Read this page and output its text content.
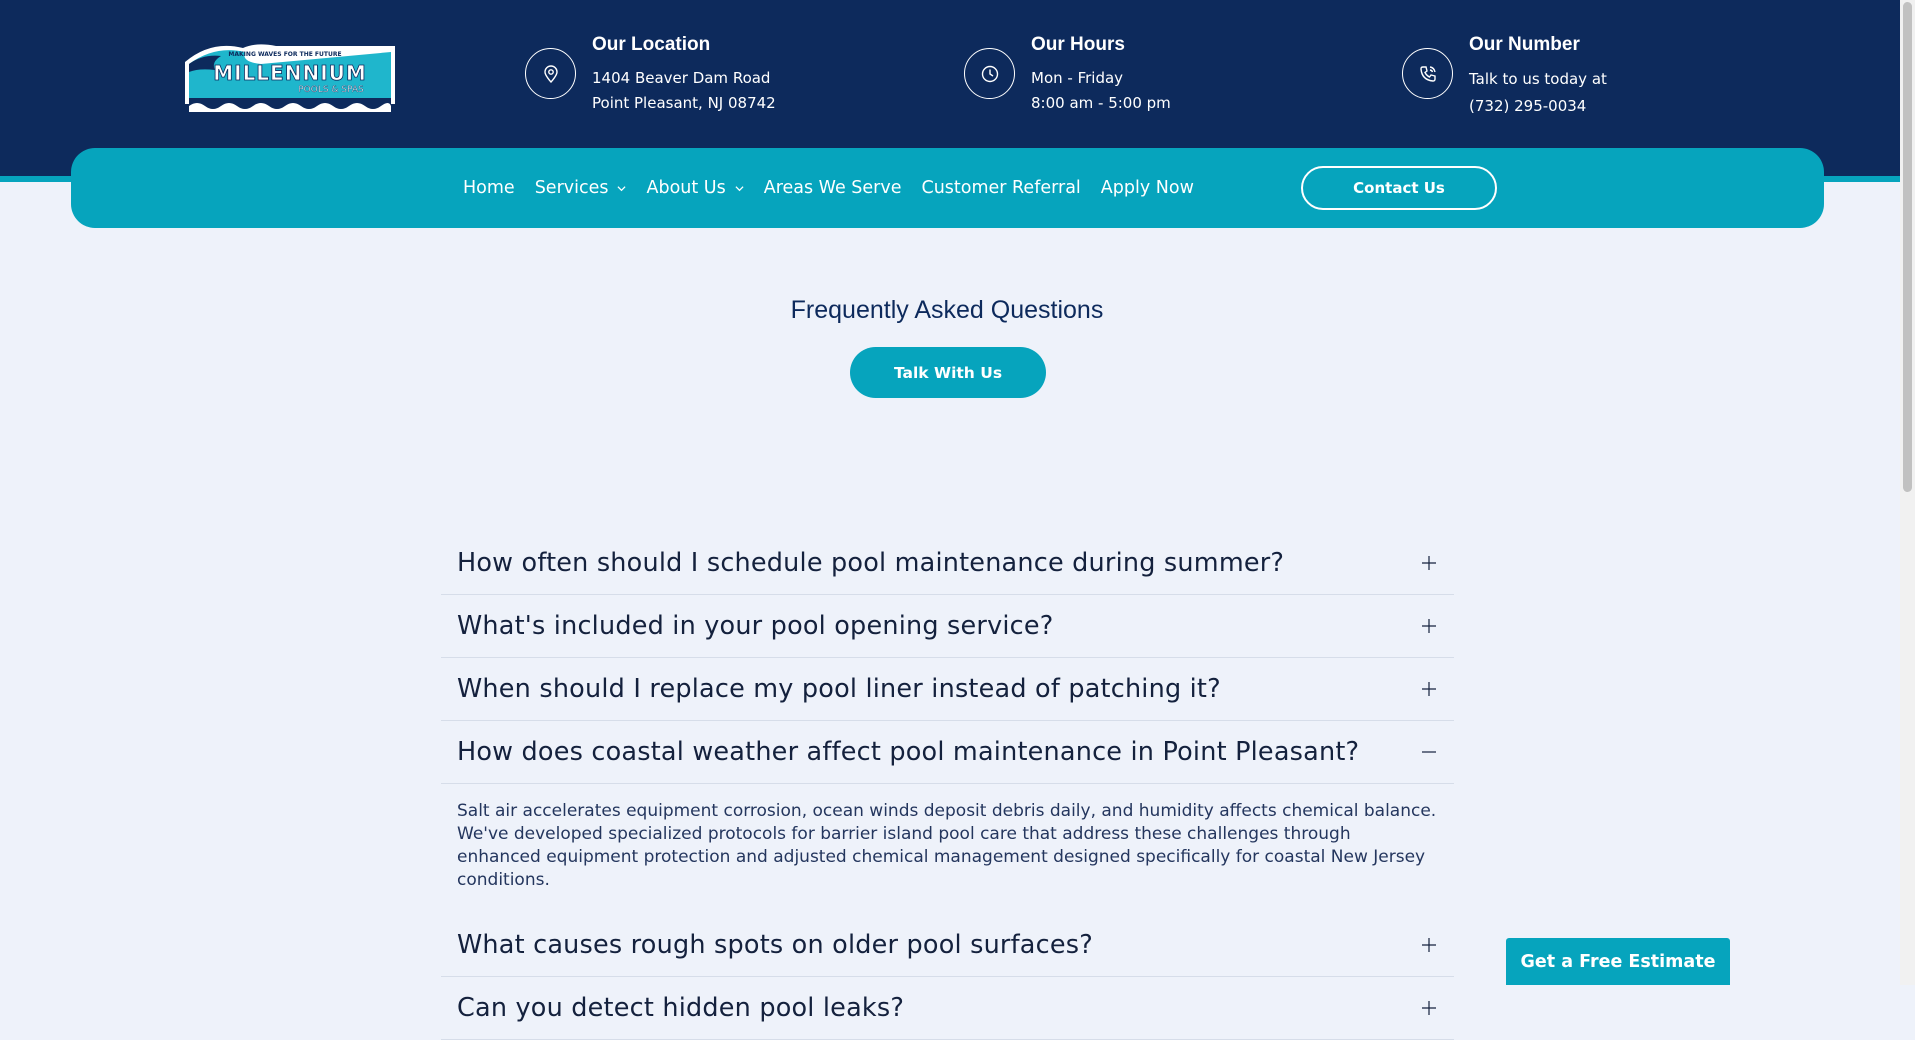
MAKING WAVES FOR THE FUTURE
MILLENNIUM
POOLS & SPAS
Our Location
1404 Beaver Dam Road
Point Pleasant, NJ 08742
Our Hours
Mon - Friday
8:00 am - 5:00 pm
Our Number
Talk to us today at
(732) 295-0034
Home Services About Us Areas We Serve Customer Referral Apply Now	Contact Us
Frequently Asked Questions
Talk With Us
How often should I schedule pool maintenance during summer?
What's included in your pool opening service?
When should I replace my pool liner instead of patching it?
How does coastal weather affect pool maintenance in Point Pleasant?
Salt air accelerates equipment corrosion, ocean winds deposit debris daily, and humidity affects chemical balance. We've developed specialized protocols for barrier island pool care that address these challenges through enhanced equipment protection and adjusted chemical management designed specifically for coastal New Jersey conditions.
What causes rough spots on older pool surfaces?
Can you detect hidden pool leaks?
Get a Free Estimate
